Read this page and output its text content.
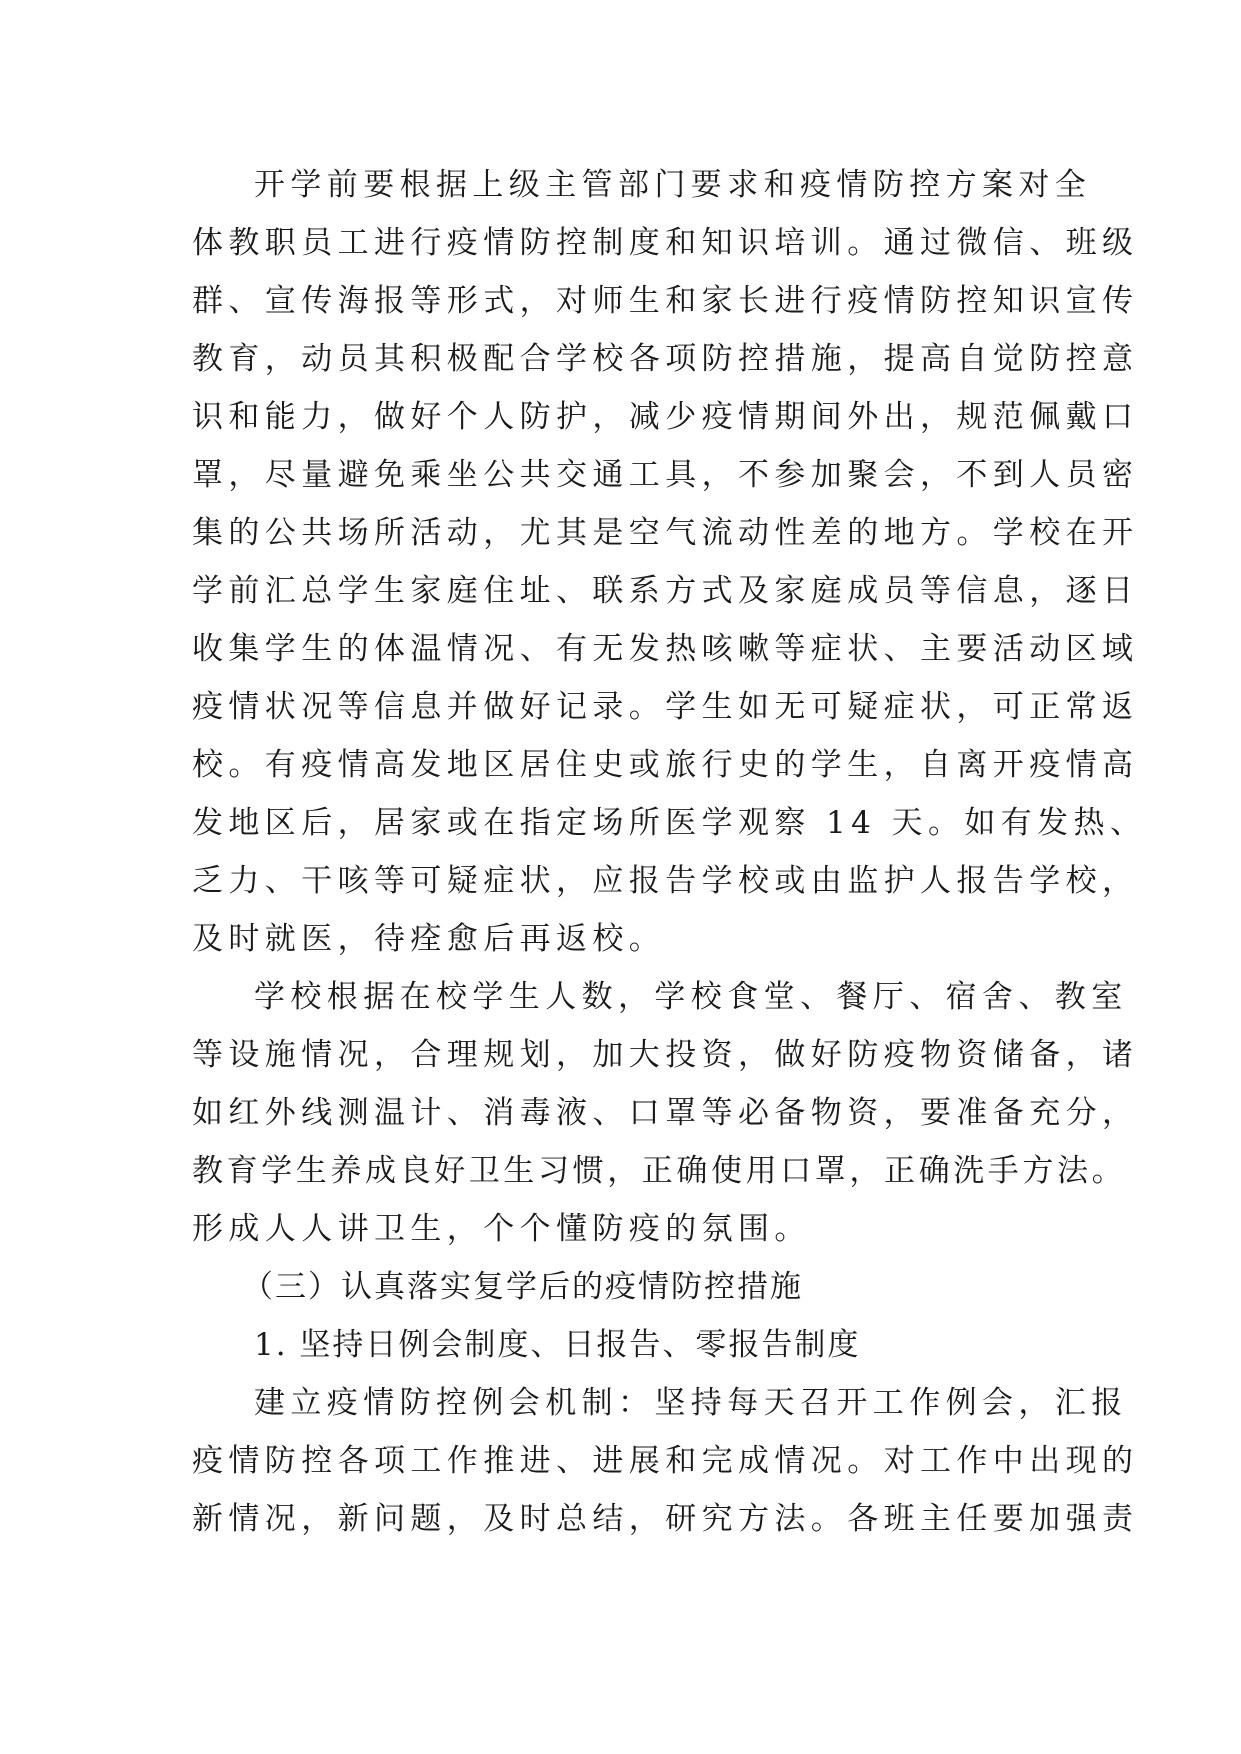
开学前要根据上级主管部门要求和疫情防控方案对全
体教职员工进行疫情防控制度和知识培训。通过微信、班级
群、宣传海报等形式，对师生和家长进行疫情防控知识宣传
教育，动员其积极配合学校各项防控措施，提高自觉防控意
识和能力，做好个人防护，减少疫情期间外出，规范佩戴口
罩，尽量避免乘坐公共交通工具，不参加聚会，不到人员密
集的公共场所活动，尤其是空气流动性差的地方。学校在开
学前汇总学生家庭住址、联系方式及家庭成员等信息，逐日
收集学生的体温情况、有无发热咳嗽等症状、主要活动区域
疫情状况等信息并做好记录。学生如无可疑症状，可正常返
校。有疫情高发地区居住史或旅行史的学生，自离开疫情高
发地区后，居家或在指定场所医学观察 14 天。如有发热、
乏力、干咳等可疑症状，应报告学校或由监护人报告学校，
及时就医，待痊愈后再返校。
学校根据在校学生人数，学校食堂、餐厅、宿舍、教室
等设施情况，合理规划，加大投资，做好防疫物资储备，诸
如红外线测温计、消毒液、口罩等必备物资，要准备充分，
教育学生养成良好卫生习惯，正确使用口罩，正确洗手方法。
形成人人讲卫生，个个懂防疫的氛围。
（三）认真落实复学后的疫情防控措施
1. 坚持日例会制度、日报告、零报告制度
建立疫情防控例会机制：坚持每天召开工作例会，汇报
疫情防控各项工作推进、进展和完成情况。对工作中出现的
新情况，新问题，及时总结，研究方法。各班主任要加强责
